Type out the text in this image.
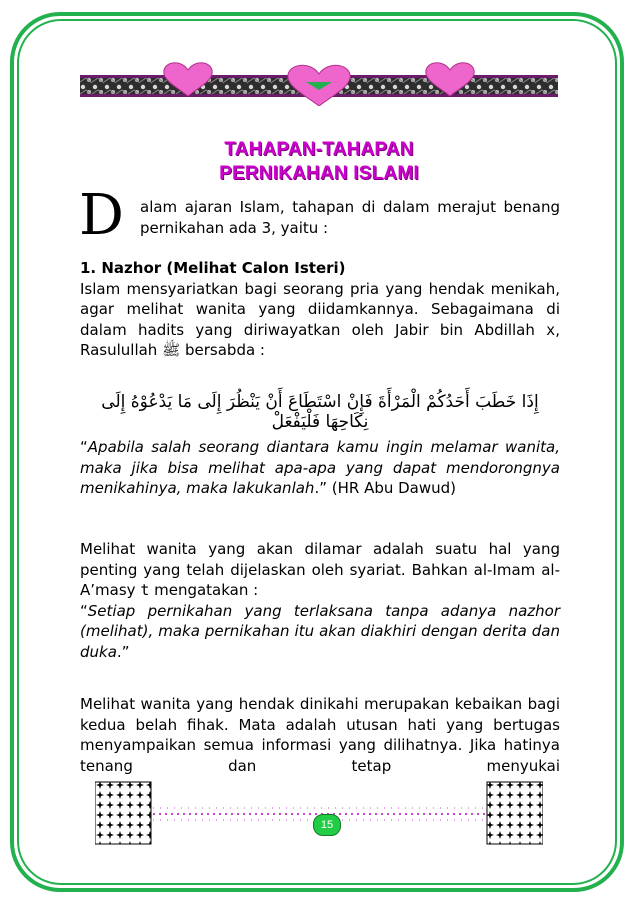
TAHAPAN-TAHAPAN
PERNIKAHAN ISLAMI
D alam ajaran Islam, tahapan di dalam merajut benang pernikahan ada 3, yaitu :
1. Nazhor (Melihat Calon Isteri)
Islam mensyariatkan bagi seorang pria yang hendak menikah, agar melihat wanita yang diidamkannya. Sebagaimana di dalam hadits yang diriwayatkan oleh Jabir bin Abdillah x, Rasulullah ﷺ bersabda :
إِذَا خَطَبَ أَحَدُكُمْ الْمَرْأَةَ فَإِنْ اسْتَطَاعَ أَنْ يَنْظُرَ إِلَى مَا يَدْعُوْهُ إِلَى نِكَاحِهَا فَلْيَفْعَلْ
“Apabila salah seorang diantara kamu ingin melamar wanita, maka jika bisa melihat apa-apa yang dapat mendorongnya menikahinya, maka lakukanlah.” (HR Abu Dawud)
Melihat wanita yang akan dilamar adalah suatu hal yang penting yang telah dijelaskan oleh syariat. Bahkan al-Imam al-A’masy t mengatakan :
“Setiap pernikahan yang terlaksana tanpa adanya nazhor (melihat), maka pernikahan itu akan diakhiri dengan derita dan duka.”
Melihat wanita yang hendak dinikahi merupakan kebaikan bagi kedua belah fihak. Mata adalah utusan hati yang bertugas menyampaikan semua informasi yang dilihatnya. Jika hatinya tenang dan tetap menyukai
15
